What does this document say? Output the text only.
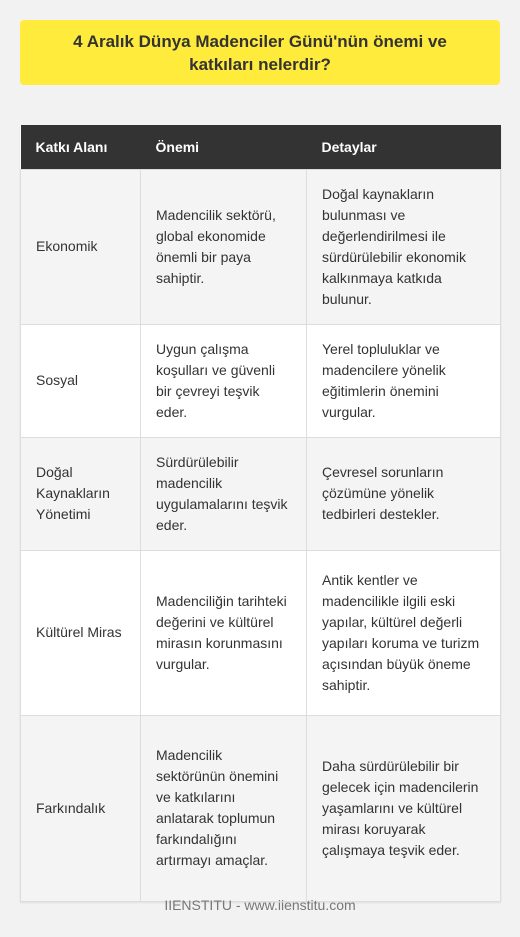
4 Aralık Dünya Madenciler Günü'nün önemi ve katkıları nelerdir?
Katkı Alanı	Önemi	Detaylar
Ekonomik	Madencilik sektörü, global ekonomide önemli bir paya sahiptir.	Doğal kaynakların bulunması ve değerlendirilmesi ile sürdürülebilir ekonomik kalkınmaya katkıda bulunur.
Sosyal	Uygun çalışma koşulları ve güvenli bir çevreyi teşvik eder.	Yerel topluluklar ve madencilere yönelik eğitimlerin önemini vurgular.
Doğal Kaynakların Yönetimi	Sürdürülebilir madencilik uygulamalarını teşvik eder.	Çevresel sorunların çözümüne yönelik tedbirleri destekler.
Kültürel Miras	Madenciliğin tarihteki değerini ve kültürel mirasın korunmasını vurgular.	Antik kentler ve madencilikle ilgili eski yapılar, kültürel değerli yapıları koruma ve turizm açısından büyük öneme sahiptir.
Farkındalık	Madencilik sektörünün önemini ve katkılarını anlatarak toplumun farkındalığını artırmayı amaçlar.	Daha sürdürülebilir bir gelecek için madencilerin yaşamlarını ve kültürel mirası koruyarak çalışmaya teşvik eder.
IIENSTITU - www.iienstitu.com
